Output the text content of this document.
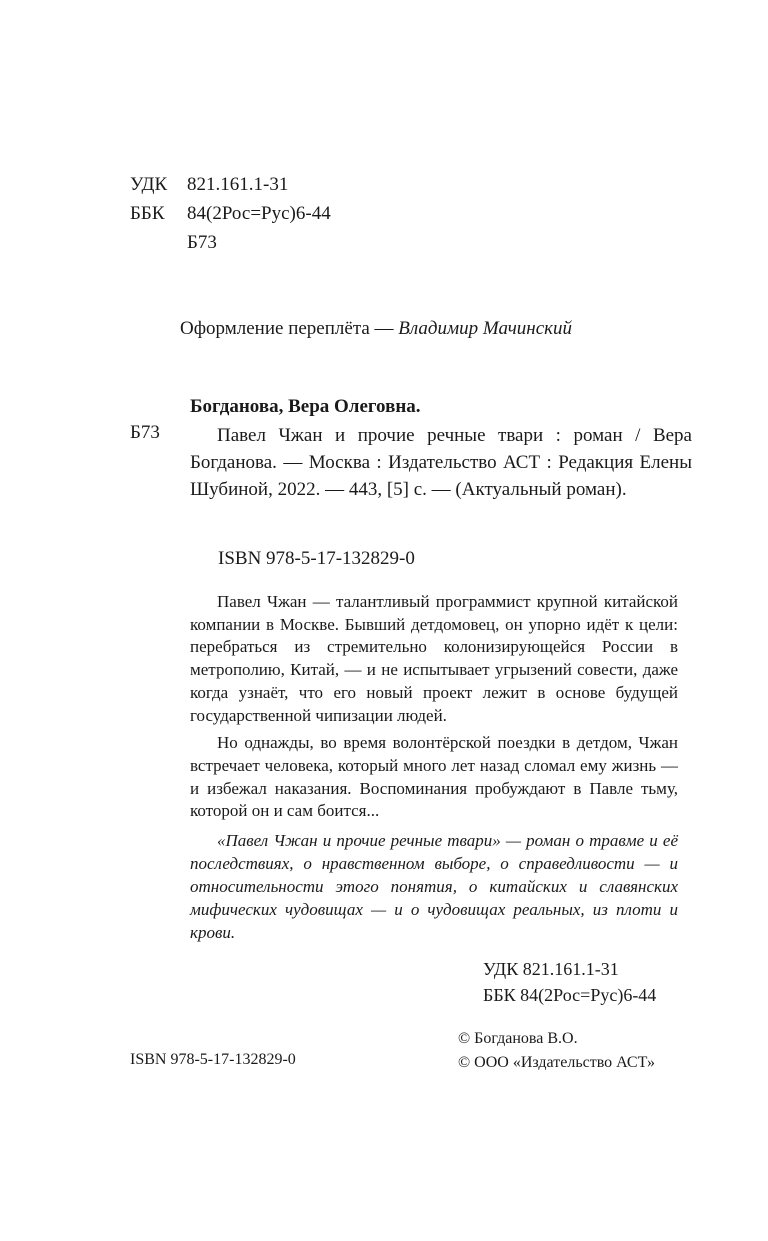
УДК	821.161.1-31
ББК	84(2Рос=Рус)6-44
Б73
Оформление переплёта — Владимир Мачинский
Богданова, Вера Олеговна.
Б73	Павел Чжан и прочие речные твари : роман / Вера Богданова. — Москва : Издательство АСТ : Редакция Елены Шубиной, 2022. — 443, [5] с. — (Актуальный роман).

ISBN 978-5-17-132829-0

Павел Чжан — талантливый программист крупной китайской компании в Москве. Бывший детдомовец, он упорно идёт к цели: перебраться из стремительно колонизирующейся России в метрополию, Китай, — и не испытывает угрызений совести, даже когда узнаёт, что его новый проект лежит в основе будущей государственной чипизации людей.

Но однажды, во время волонтёрской поездки в детдом, Чжан встречает человека, который много лет назад сломал ему жизнь — и избежал наказания. Воспоминания пробуждают в Павле тьму, которой он и сам боится...

«Павел Чжан и прочие речные твари» — роман о травме и её последствиях, о нравственном выборе, о справедливости — и относительности этого понятия, о китайских и славянских мифических чудовищах — и о чудовищах реальных, из плоти и крови.

УДК 821.161.1-31
ББК 84(2Рос=Рус)6-44
© Богданова В.О.
© ООО «Издательство АСТ»
ISBN 978-5-17-132829-0
